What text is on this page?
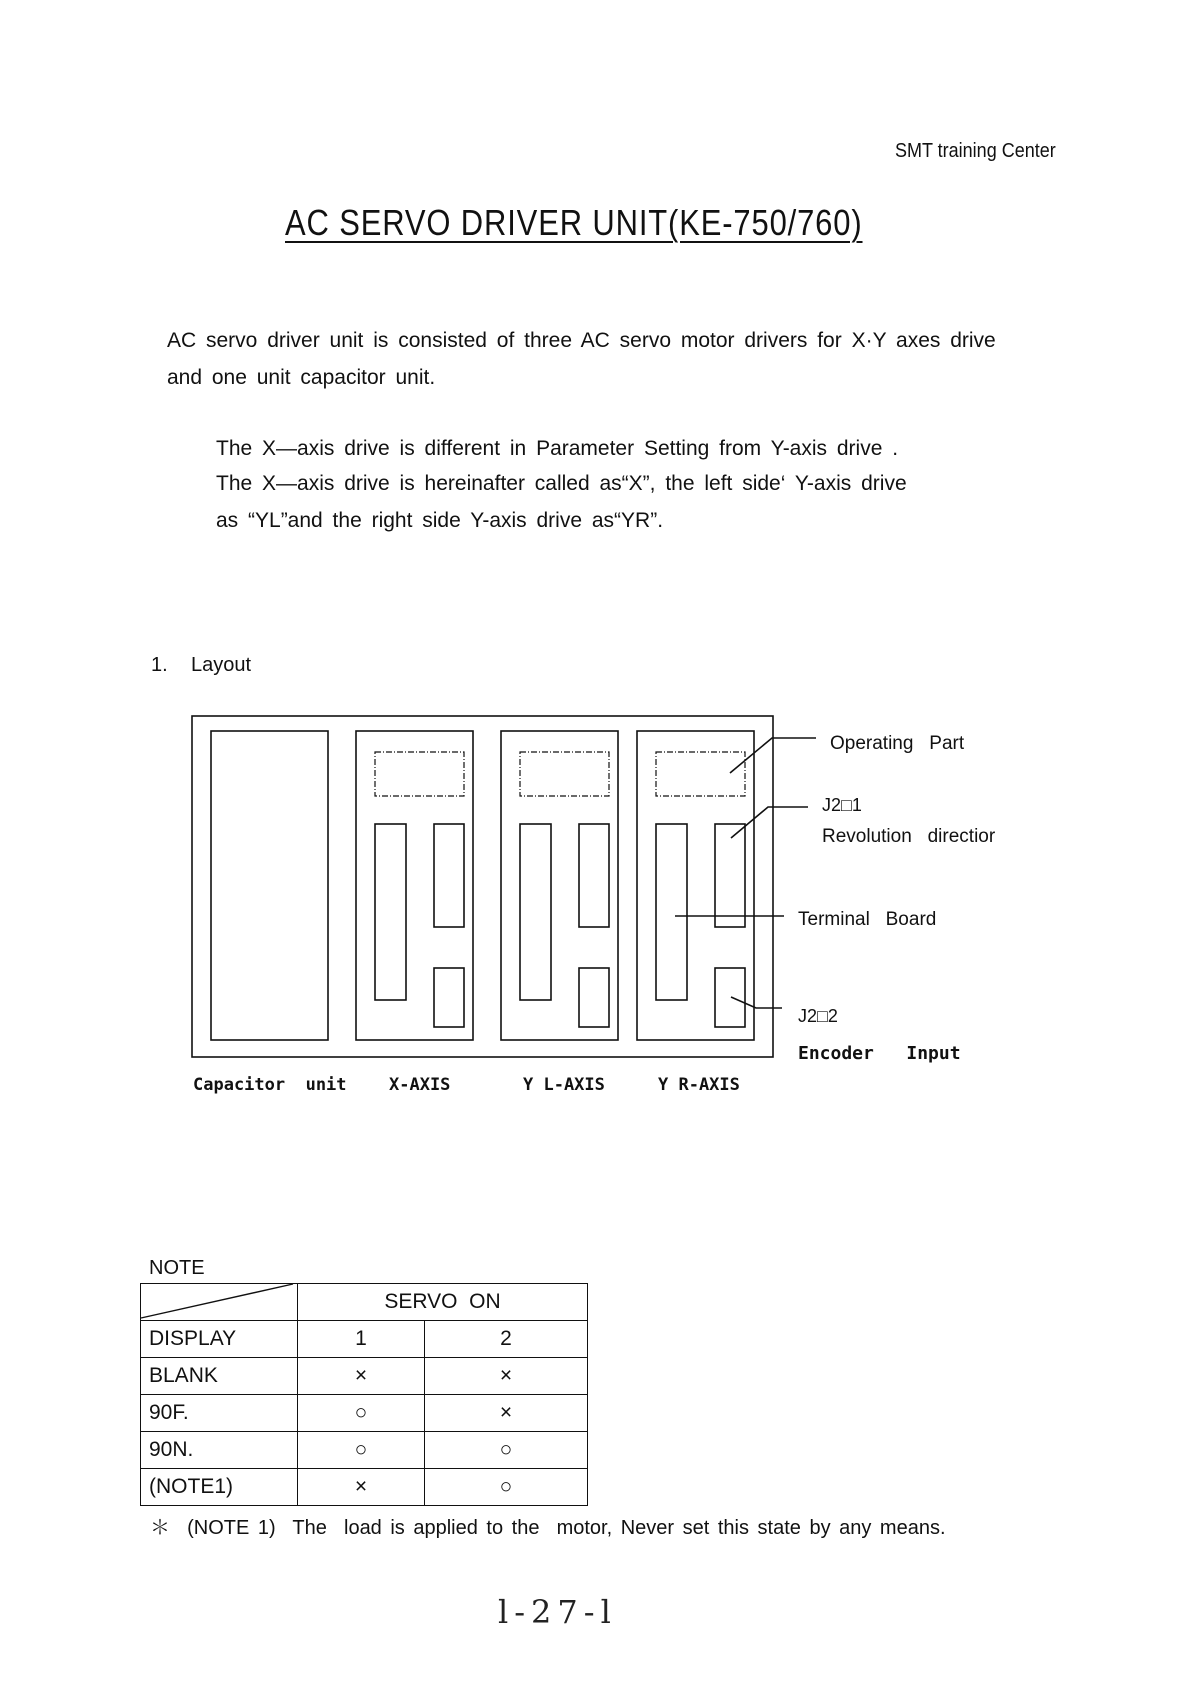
SMT training Center
AC SERVO DRIVER UNIT(KE-750/760)
AC servo driver unit is consisted of three AC servo motor drivers for X·Y axes drive
and one unit capacitor unit.
The X—axis drive is different in Parameter Setting from Y-axis drive .
The X—axis drive is hereinafter called as“X”, the left side‘ Y-axis drive
as “YL”and the right side Y-axis drive as“YR”.
1. Layout
Operating   Part
J2□1
Revolution   directior
Terminal   Board
J2□2
Encoder   Input
Capacitor  unit X-AXIS	Y L-AXIS	Y R-AXIS
NOTE
	SERVO  ON	
DISPLAY	1	2
BLANK	×	×
90F.	○	×
90N.	○	○
(NOTE1)	×	○
＊  (NOTE 1)  The  load is applied to the  motor, Never set this state by any means.
l-27-l
